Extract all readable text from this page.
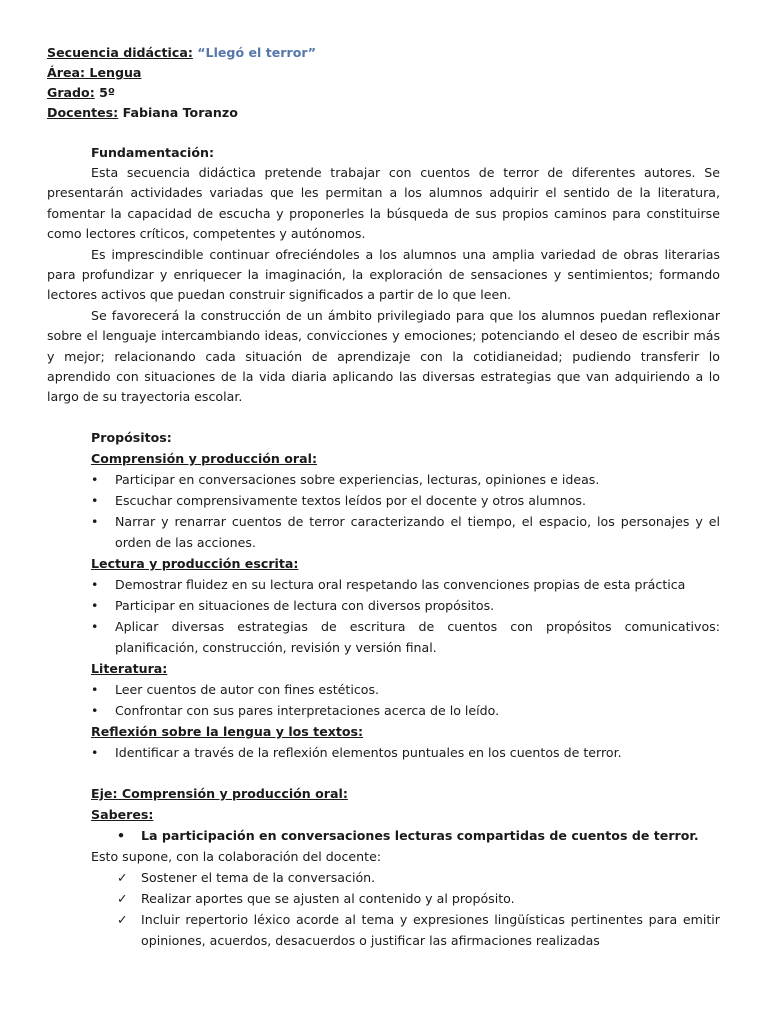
Secuencia didáctica: “Llegó el terror”
Área: Lengua
Grado: 5º
Docentes: Fabiana Toranzo
Fundamentación:
Esta secuencia didáctica pretende trabajar con cuentos de terror de diferentes autores. Se presentarán actividades variadas que les permitan a los alumnos adquirir el sentido de la literatura, fomentar la capacidad de escucha y proponerles la búsqueda de sus propios caminos para constituirse como lectores críticos, competentes y autónomos.
Es imprescindible continuar ofreciéndoles a los alumnos una amplia variedad de obras literarias para profundizar y enriquecer la imaginación, la exploración de sensaciones y sentimientos; formando lectores activos que puedan construir significados a partir de lo que leen.
Se favorecerá la construcción de un ámbito privilegiado para que los alumnos puedan reflexionar sobre el lenguaje intercambiando ideas, convicciones y emociones; potenciando el deseo de escribir más y mejor; relacionando cada situación de aprendizaje con la cotidianeidad; pudiendo transferir lo aprendido con situaciones de la vida diaria aplicando las diversas estrategias que van adquiriendo a lo largo de su trayectoria escolar.
Propósitos:
Comprensión y producción oral:
• Participar en conversaciones sobre experiencias, lecturas, opiniones e ideas.
• Escuchar comprensivamente textos leídos por el docente y otros alumnos.
• Narrar y renarrar cuentos de terror caracterizando el tiempo, el espacio, los personajes y el orden de las acciones.
Lectura y producción escrita:
• Demostrar fluidez en su lectura oral respetando las convenciones propias de esta práctica
• Participar en situaciones de lectura con diversos propósitos.
• Aplicar diversas estrategias de escritura de cuentos con propósitos comunicativos: planificación, construcción, revisión y versión final.
Literatura:
• Leer cuentos de autor con fines estéticos.
• Confrontar con sus pares interpretaciones acerca de lo leído.
Reflexión sobre la lengua y los textos:
• Identificar a través de la reflexión elementos puntuales en los cuentos de terror.
Eje: Comprensión y producción oral:
Saberes:
• La participación en conversaciones lecturas compartidas de cuentos de terror.
Esto supone, con la colaboración del docente:
✓ Sostener el tema de la conversación.
✓ Realizar aportes que se ajusten al contenido y al propósito.
✓ Incluir repertorio léxico acorde al tema y expresiones lingüísticas pertinentes para emitir opiniones, acuerdos, desacuerdos o justificar las afirmaciones realizadas
